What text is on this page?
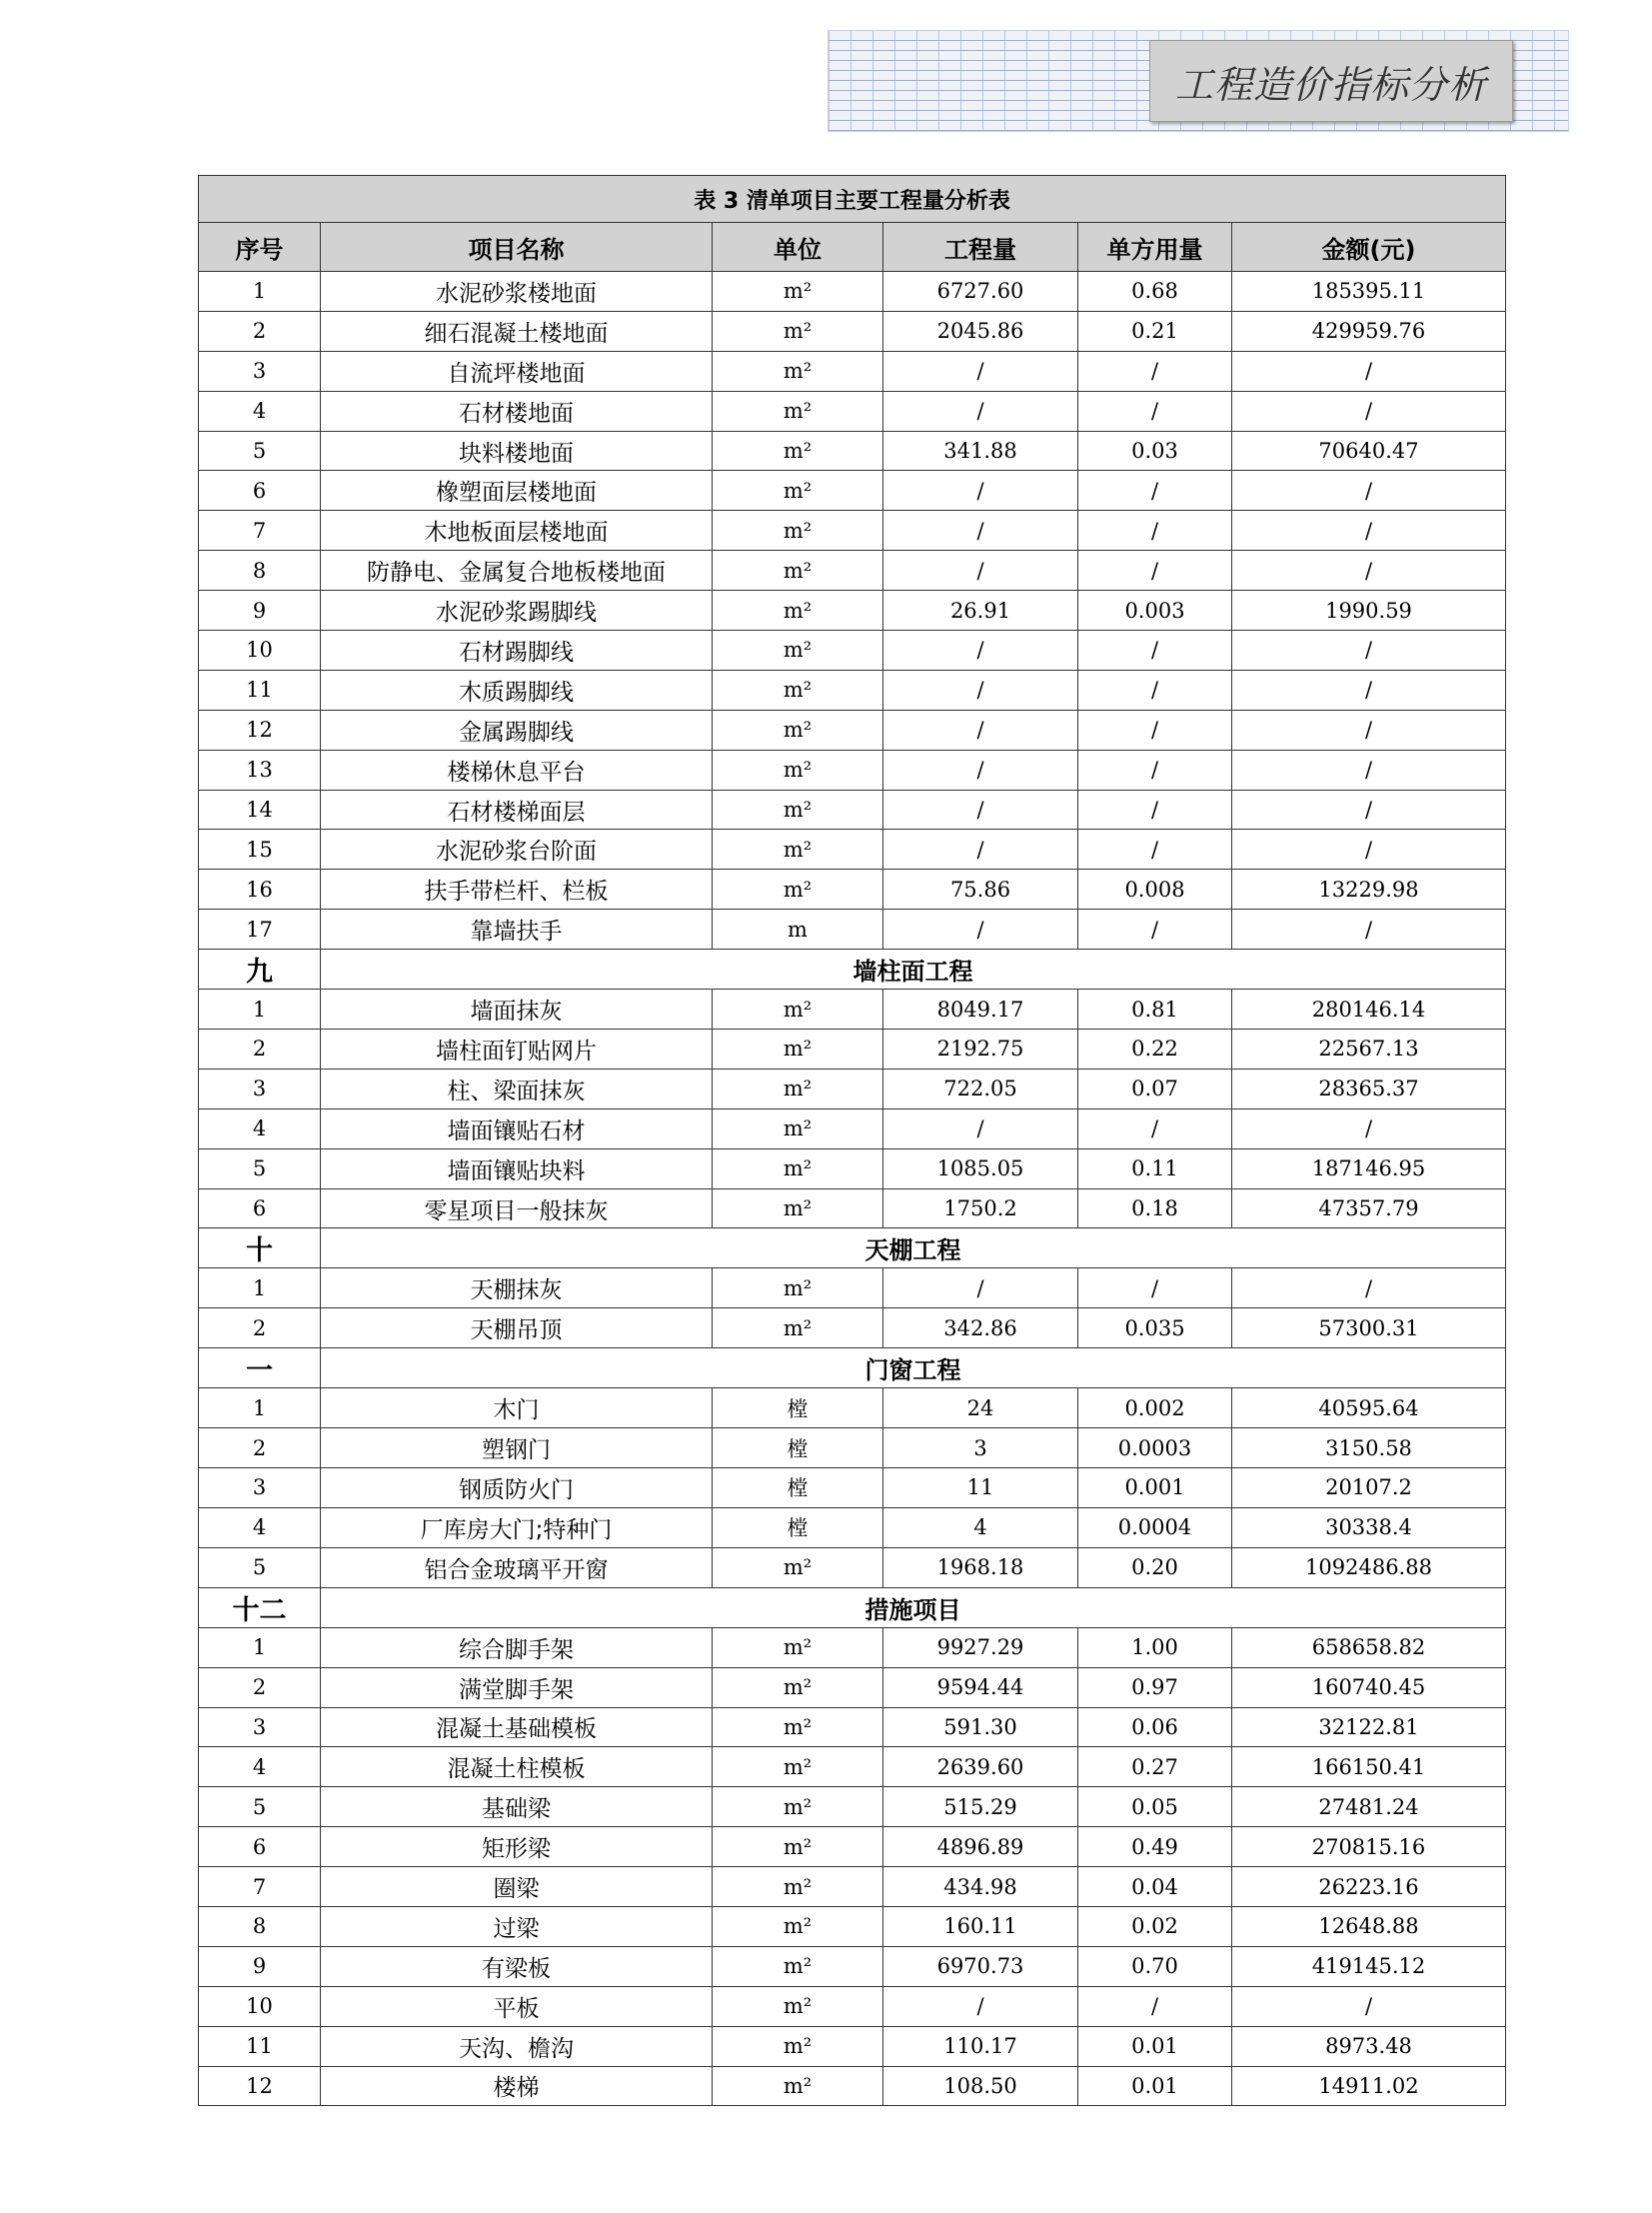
工程造价指标分析
表 3 清单项目主要工程量分析表					
序号	项目名称	单位	工程量	单方用量	金额(元)
1	水泥砂浆楼地面	m²	6727.60	0.68	185395.11
2	细石混凝土楼地面	m²	2045.86	0.21	429959.76
3	自流坪楼地面	m²	/	/	/
4	石材楼地面	m²	/	/	/
5	块料楼地面	m²	341.88	0.03	70640.47
6	橡塑面层楼地面	m²	/	/	/
7	木地板面层楼地面	m²	/	/	/
8	防静电、金属复合地板楼地面	m²	/	/	/
9	水泥砂浆踢脚线	m²	26.91	0.003	1990.59
10	石材踢脚线	m²	/	/	/
11	木质踢脚线	m²	/	/	/
12	金属踢脚线	m²	/	/	/
13	楼梯休息平台	m²	/	/	/
14	石材楼梯面层	m²	/	/	/
15	水泥砂浆台阶面	m²	/	/	/
16	扶手带栏杆、栏板	m²	75.86	0.008	13229.98
17	靠墙扶手	m	/	/	/
九	墙柱面工程				
1	墙面抹灰	m²	8049.17	0.81	280146.14
2	墙柱面钉贴网片	m²	2192.75	0.22	22567.13
3	柱、梁面抹灰	m²	722.05	0.07	28365.37
4	墙面镶贴石材	m²	/	/	/
5	墙面镶贴块料	m²	1085.05	0.11	187146.95
6	零星项目一般抹灰	m²	1750.2	0.18	47357.79
十	天棚工程				
1	天棚抹灰	m²	/	/	/
2	天棚吊顶	m²	342.86	0.035	57300.31
一	门窗工程				
1	木门	樘	24	0.002	40595.64
2	塑钢门	樘	3	0.0003	3150.58
3	钢质防火门	樘	11	0.001	20107.2
4	厂库房大门;特种门	樘	4	0.0004	30338.4
5	铝合金玻璃平开窗	m²	1968.18	0.20	1092486.88
十二	措施项目				
1	综合脚手架	m²	9927.29	1.00	658658.82
2	满堂脚手架	m²	9594.44	0.97	160740.45
3	混凝土基础模板	m²	591.30	0.06	32122.81
4	混凝土柱模板	m²	2639.60	0.27	166150.41
5	基础梁	m²	515.29	0.05	27481.24
6	矩形梁	m²	4896.89	0.49	270815.16
7	圈梁	m²	434.98	0.04	26223.16
8	过梁	m²	160.11	0.02	12648.88
9	有梁板	m²	6970.73	0.70	419145.12
10	平板	m²	/	/	/
11	天沟、檐沟	m²	110.17	0.01	8973.48
12	楼梯	m²	108.50	0.01	14911.02
